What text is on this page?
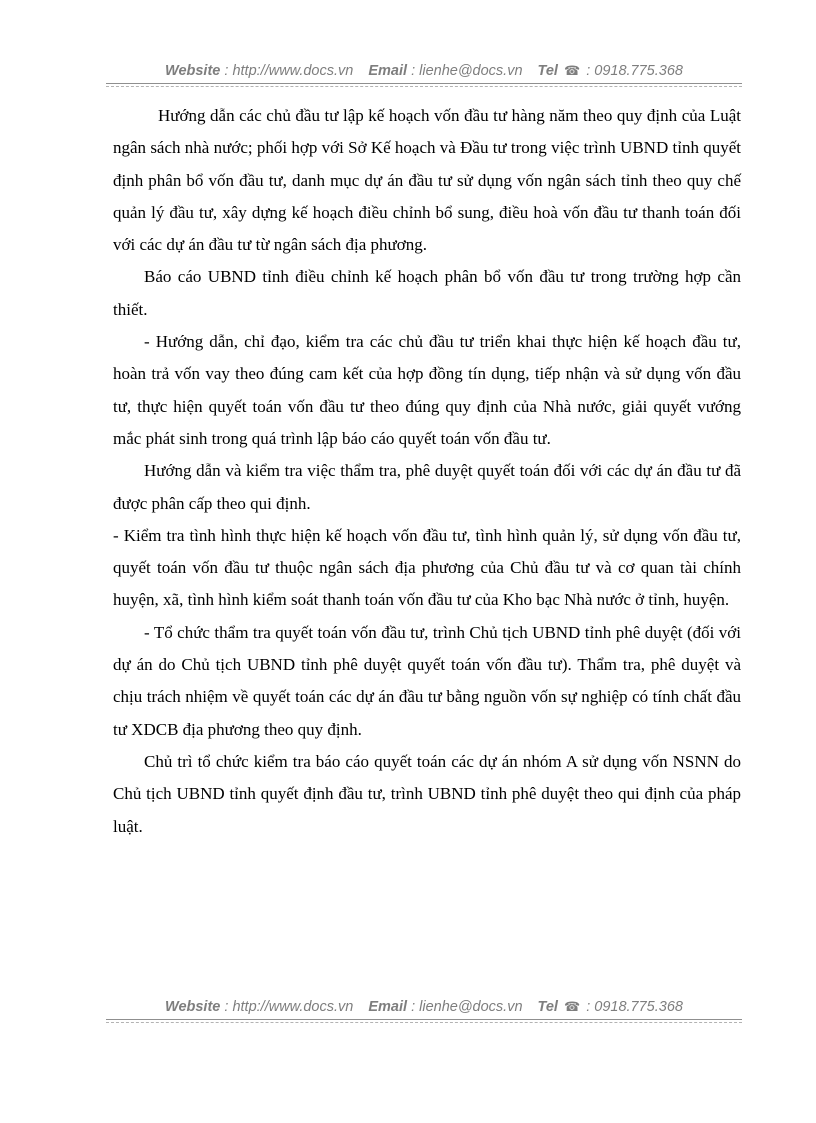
Website : http://www.docs.vn Email : lienhe@docs.vn Tel ☎ : 0918.775.368

Hướng dẫn các chủ đầu tư lập kế hoạch vốn đầu tư hàng năm theo quy định của Luật ngân sách nhà nước; phối hợp với Sở Kế hoạch và Đầu tư trong việc trình UBND tỉnh quyết định phân bổ vốn đầu tư, danh mục dự án đầu tư sử dụng vốn ngân sách tỉnh theo quy chế quản lý đầu tư, xây dựng kế hoạch điều chỉnh bổ sung, điều hoà vốn đầu tư thanh toán đối với các dự án đầu tư từ ngân sách địa phương.

Báo cáo UBND tỉnh điều chỉnh kế hoạch phân bổ vốn đầu tư trong trường hợp cần thiết.

- Hướng dẫn, chỉ đạo, kiểm tra các chủ đầu tư triển khai thực hiện kế hoạch đầu tư, hoàn trả vốn vay theo đúng cam kết của hợp đồng tín dụng, tiếp nhận và sử dụng vốn đầu tư, thực hiện quyết toán vốn đầu tư theo đúng quy định của Nhà nước, giải quyết vướng mắc phát sinh trong quá trình lập báo cáo quyết toán vốn đầu tư.

Hướng dẫn và kiểm tra việc thẩm tra, phê duyệt quyết toán đối với các dự án đầu tư đã được phân cấp theo qui định.

- Kiểm tra tình hình thực hiện kế hoạch vốn đầu tư, tình hình quản lý, sử dụng vốn đầu tư, quyết toán vốn đầu tư thuộc ngân sách địa phương của Chủ đầu tư và cơ quan tài chính huyện, xã, tình hình kiểm soát thanh toán vốn đầu tư của Kho bạc Nhà nước ở tỉnh, huyện.

- Tổ chức thẩm tra quyết toán vốn đầu tư, trình Chủ tịch UBND tỉnh phê duyệt (đối với dự án do Chủ tịch UBND tỉnh phê duyệt quyết toán vốn đầu tư). Thẩm tra, phê duyệt và chịu trách nhiệm về quyết toán các dự án đầu tư bằng nguồn vốn sự nghiệp có tính chất đầu tư XDCB địa phương theo quy định.

Chủ trì tổ chức kiểm tra báo cáo quyết toán các dự án nhóm A sử dụng vốn NSNN do Chủ tịch UBND tỉnh quyết định đầu tư, trình UBND tỉnh phê duyệt theo qui định của pháp luật.

Website : http://www.docs.vn Email : lienhe@docs.vn Tel ☎ : 0918.775.368
